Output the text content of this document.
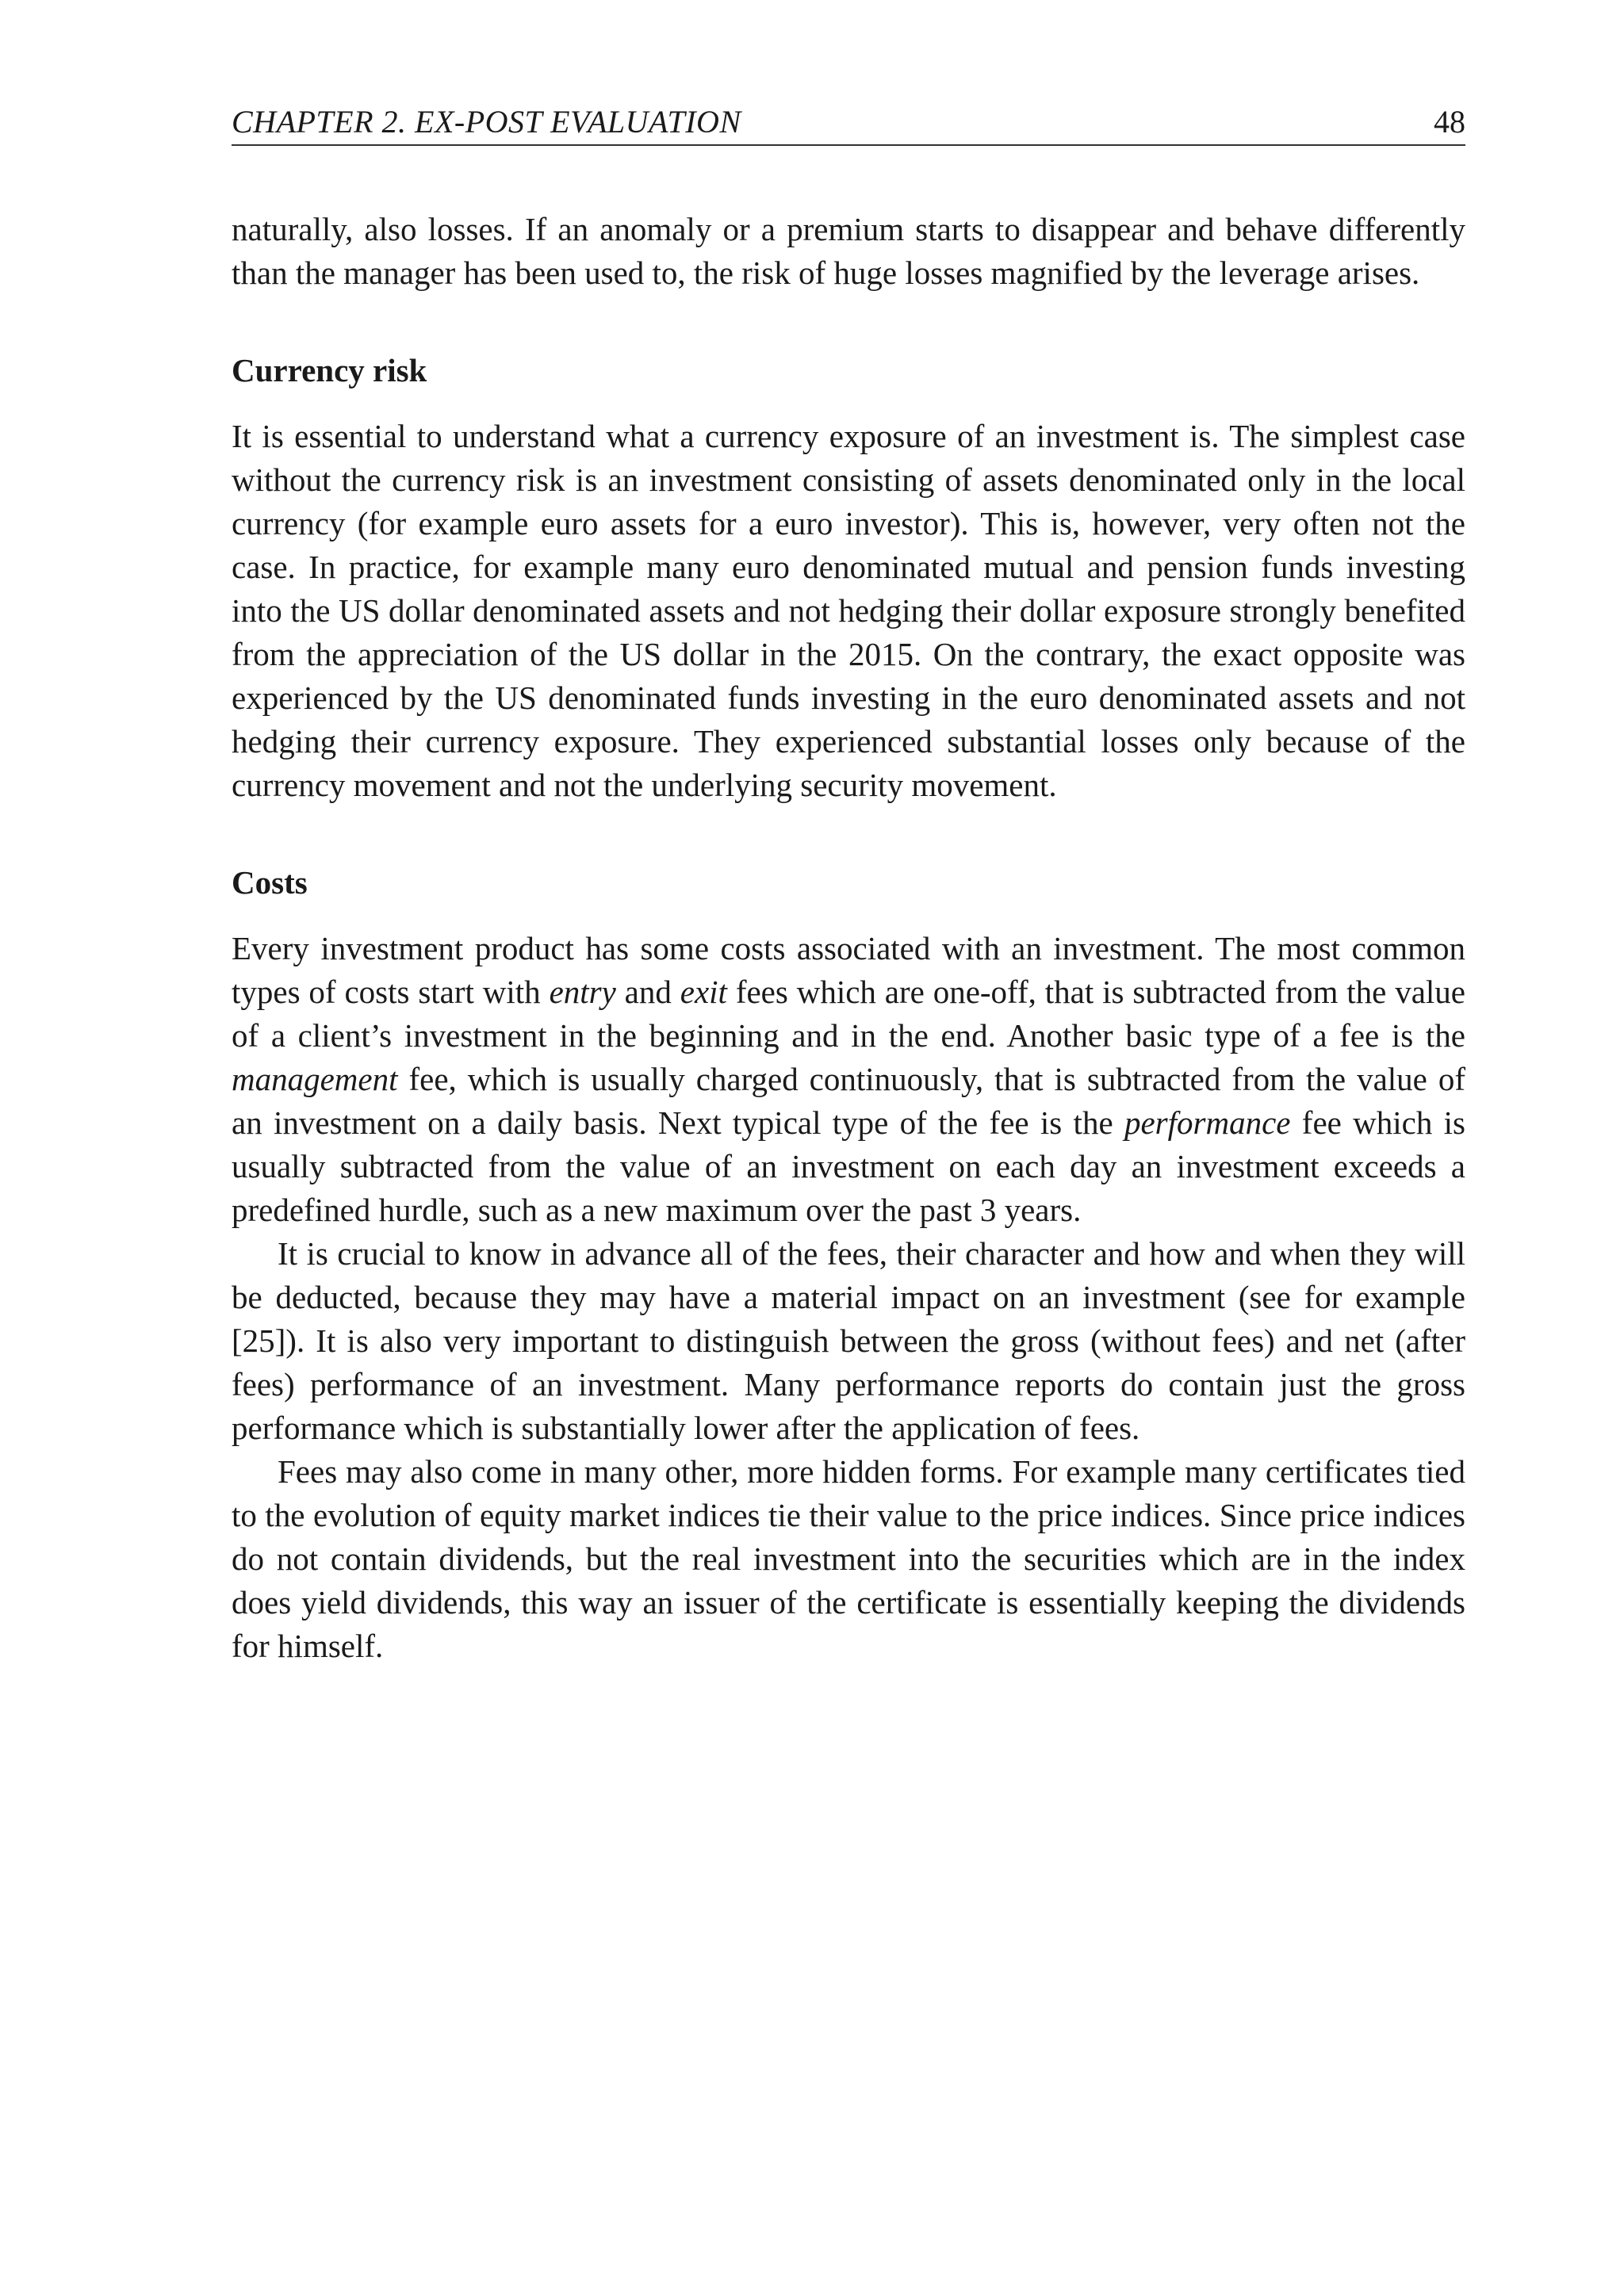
CHAPTER 2. EX-POST EVALUATION	48

naturally, also losses. If an anomaly or a premium starts to disappear and behave differently than the manager has been used to, the risk of huge losses magnified by the leverage arises.

Currency risk

It is essential to understand what a currency exposure of an investment is. The simplest case without the currency risk is an investment consisting of assets denominated only in the local currency (for example euro assets for a euro investor). This is, however, very often not the case. In practice, for example many euro denominated mutual and pension funds investing into the US dollar denominated assets and not hedging their dollar exposure strongly benefited from the appreciation of the US dollar in the 2015. On the contrary, the exact opposite was experienced by the US denominated funds investing in the euro denominated assets and not hedging their currency exposure. They experienced substantial losses only because of the currency movement and not the underlying security movement.

Costs

Every investment product has some costs associated with an investment. The most common types of costs start with entry and exit fees which are one-off, that is subtracted from the value of a client’s investment in the beginning and in the end. Another basic type of a fee is the management fee, which is usually charged continuously, that is subtracted from the value of an investment on a daily basis. Next typical type of the fee is the performance fee which is usually subtracted from the value of an investment on each day an investment exceeds a predefined hurdle, such as a new maximum over the past 3 years.

It is crucial to know in advance all of the fees, their character and how and when they will be deducted, because they may have a material impact on an investment (see for example [25]). It is also very important to distinguish between the gross (without fees) and net (after fees) performance of an investment. Many performance reports do contain just the gross performance which is substantially lower after the application of fees.

Fees may also come in many other, more hidden forms. For example many certificates tied to the evolution of equity market indices tie their value to the price indices. Since price indices do not contain dividends, but the real investment into the securities which are in the index does yield dividends, this way an issuer of the certificate is essentially keeping the dividends for himself.
